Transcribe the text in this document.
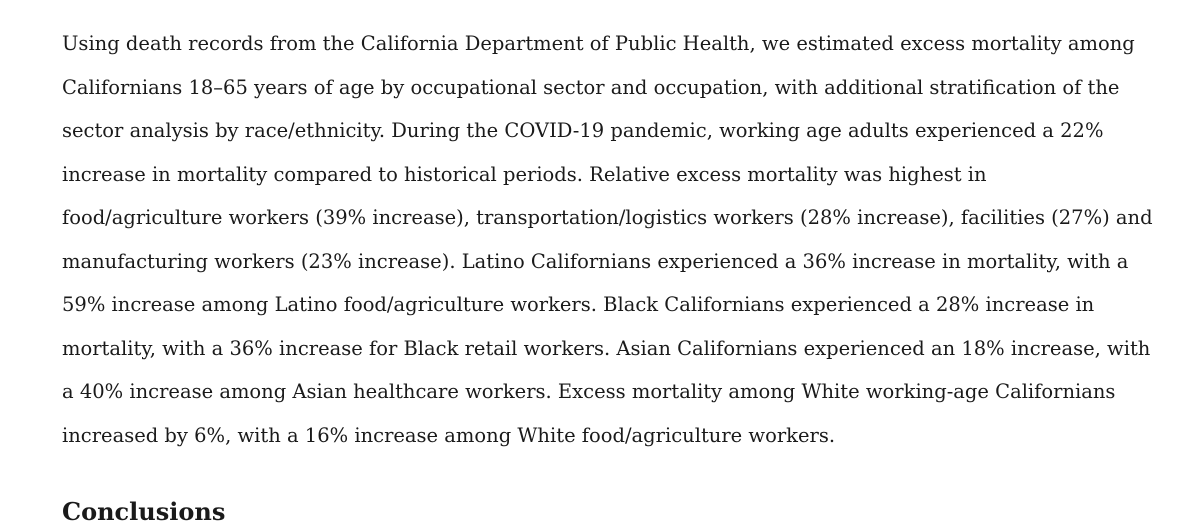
Using death records from the California Department of Public Health, we estimated excess mortality among
Californians 18–65 years of age by occupational sector and occupation, with additional stratification of the
sector analysis by race/ethnicity. During the COVID-19 pandemic, working age adults experienced a 22%
increase in mortality compared to historical periods. Relative excess mortality was highest in
food/agriculture workers (39% increase), transportation/logistics workers (28% increase), facilities (27%) and
manufacturing workers (23% increase). Latino Californians experienced a 36% increase in mortality, with a
59% increase among Latino food/agriculture workers. Black Californians experienced a 28% increase in
mortality, with a 36% increase for Black retail workers. Asian Californians experienced an 18% increase, with
a 40% increase among Asian healthcare workers. Excess mortality among White working-age Californians
increased by 6%, with a 16% increase among White food/agriculture workers.
Conclusions
